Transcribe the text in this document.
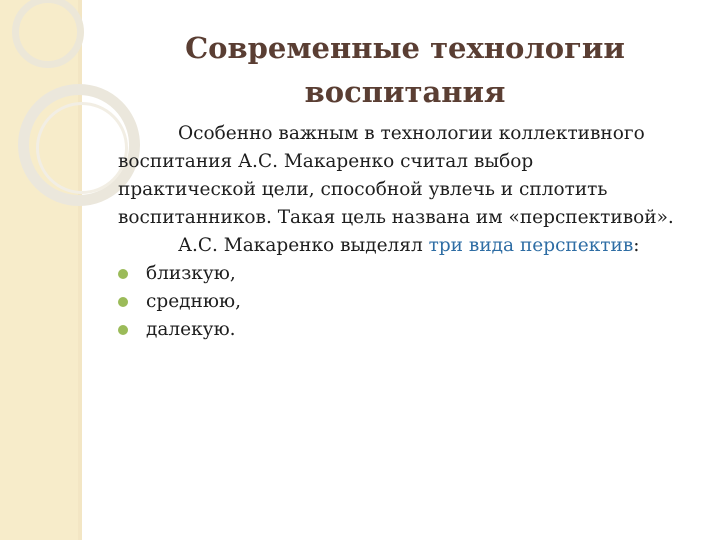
Современные технологии
воспитания
Особенно важным в технологии коллективного
воспитания А.С. Макаренко считал выбор
практической цели, способной увлечь и сплотить
воспитанников. Такая цель названа им «перспективой».
А.С. Макаренко выделял три вида перспектив:
близкую,
среднюю,
далекую.
